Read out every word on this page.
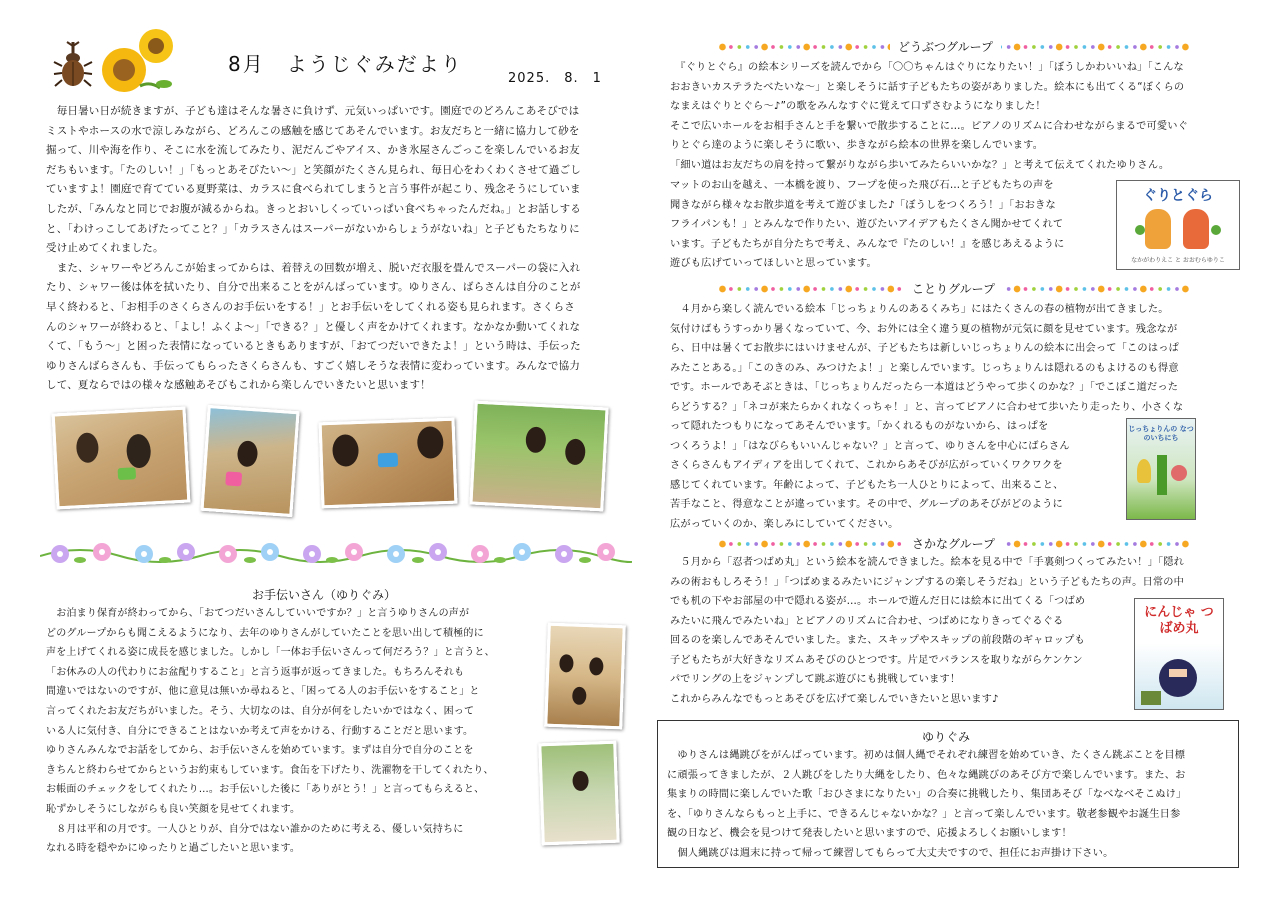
8月　ようじぐみだより
2025.　8.　1

　毎日暑い日が続きますが、子ども達はそんな暑さに負けず、元気いっぱいです。園庭でのどろんこあそびでは

ミストやホースの水で涼しみながら、どろんこの感触を感じてあそんでいます。お友だちと一緒に協力して砂を

掘って、川や海を作り、そこに水を流してみたり、泥だんごやアイス、かき氷屋さんごっこを楽しんでいるお友

だちもいます。「たのしい！」「もっとあそびたい～」と笑顔がたくさん見られ、毎日心をわくわくさせて過ごし

ていますよ！園庭で育てている夏野菜は、カラスに食べられてしまうと言う事件が起こり、残念そうにしていま

したが、「みんなと同じでお腹が減るからね。きっとおいしくっていっぱい食べちゃったんだね。」とお話しする

と、「わけっこしてあげたってこと？」「カラスさんはスーパーがないからしょうがないね」と子どもたちなりに

受け止めてくれました。

　また、シャワーやどろんこが始まってからは、着替えの回数が増え、脱いだ衣服を畳んでスーパーの袋に入れ

たり、シャワー後は体を拭いたり、自分で出来ることをがんばっています。ゆりさん、ばらさんは自分のことが

早く終わると、「お相手のさくらさんのお手伝いをする！」とお手伝いをしてくれる姿も見られます。さくらさ

んのシャワーが終わると、「よし！ふくよ～」「できる？」と優しく声をかけてくれます。なかなか動いてくれな

くて、「もう～」と困った表情になっているときもありますが、「おてつだいできたよ！」という時は、手伝った

ゆりさんばらさんも、手伝ってもらったさくらさんも、すごく嬉しそうな表情に変わっています。みんなで協力

して、夏ならではの様々な感触あそびもこれから楽しんでいきたいと思います！

お手伝いさん（ゆりぐみ）

　お泊まり保育が終わってから、「おてつだいさんしていいですか？」と言うゆりさんの声が

どのグループからも聞こえるようになり、去年のゆりさんがしていたことを思い出して積極的に

声を上げてくれる姿に成長を感じました。しかし「一体お手伝いさんって何だろう？」と言うと、

「お休みの人の代わりにお盆配りすること」と言う返事が返ってきました。もちろんそれも

間違いではないのですが、他に意見は無いか尋ねると、「困ってる人のお手伝いをすること」と

言ってくれたお友だちがいました。そう、大切なのは、自分が何をしたいかではなく、困って

いる人に気付き、自分にできることはないか考えて声をかける、行動することだと思います。

ゆりさんみんなでお話をしてから、お手伝いさんを始めています。まずは自分で自分のことを

きちんと終わらせてからというお約束もしています。食缶を下げたり、洗濯物を干してくれたり、

お帳面のチェックをしてくれたり…。お手伝いした後に「ありがとう！」と言ってもらえると、

恥ずかしそうにしながらも良い笑顔を見せてくれます。

　８月は平和の月です。一人ひとりが、自分ではない誰かのために考える、優しい気持ちに

なれる時を穏やかにゆったりと過ごしたいと思います。

どうぶつグループ

　『ぐりとぐら』の絵本シリーズを読んでから「〇〇ちゃんはぐりになりたい！」「ぼうしかわいいね」「こんな

おおきいカステラたべたいな～」と楽しそうに話す子どもたちの姿がありました。絵本にも出てくる“ぼくらの

なまえはぐりとぐら～♪”の歌をみんなすぐに覚えて口ずさむようになりました！

そこで広いホールをお相手さんと手を繋いで散歩することに…。ピアノのリズムに合わせながらまるで可愛いぐ

りとぐら達のように楽しそうに歌い、歩きながら絵本の世界を楽しんでいます。

「細い道はお友だちの肩を持って繋がりながら歩いてみたらいいかな？」と考えて伝えてくれたゆりさん。

マットのお山を越え、一本橋を渡り、フープを使った飛び石…と子どもたちの声を

聞きながら様々なお散歩道を考えて遊びました♪「ぼうしをつくろう！」「おおきな

フライパンも！」とみんなで作りたい、遊びたいアイデアもたくさん聞かせてくれて

います。子どもたちが自分たちで考え、みんなで『たのしい！』を感じあえるように

遊びも広げていってほしいと思っています。

ぐりとぐら
なかがわりえこ と おおむらゆりこ
ことりグループ

　４月から楽しく読んでいる絵本「じっちょりんのあるくみち」にはたくさんの春の植物が出てきました。

気付けばもうすっかり暑くなっていて、今、お外には全く違う夏の植物が元気に顔を見せています。残念なが

ら、日中は暑くてお散歩にはいけませんが、子どもたちは新しいじっちょりんの絵本に出会って「このはっぱ

みたことある。」「このきのみ、みつけたよ！」と楽しんでいます。じっちょりんは隠れるのもよけるのも得意

です。ホールであそぶときは、「じっちょりんだったら一本道はどうやって歩くのかな？」「でこぼこ道だった

らどうする？」「ネコが来たらかくれなくっちゃ！」と、言ってピアノに合わせて歩いたり走ったり、小さくな

って隠れたつもりになってあそんでいます。「かくれるものがないから、はっぱを

つくろうよ！」「はなびらもいいんじゃない？」と言って、ゆりさんを中心にばらさん

さくらさんもアイディアを出してくれて、これからあそびが広がっていくワクワクを

感じてくれています。年齢によって、子どもたち一人ひとりによって、出来ること、

苦手なこと、得意なことが違っています。その中で、グループのあそびがどのように

広がっていくのか、楽しみにしていてください。

じっちょりんの なつのいちにち
さかなグループ

　５月から「忍者つばめ丸」という絵本を読んできました。絵本を見る中で「手裏剣つくってみたい！」「隠れ

みの術おもしろそう！」「つばめまるみたいにジャンプするの楽しそうだね」という子どもたちの声。日常の中

でも机の下やお部屋の中で隠れる姿が…。ホールで遊んだ日には絵本に出てくる「つばめ

みたいに飛んでみたいね」とピアノのリズムに合わせ、つばめになりきってぐるぐる

回るのを楽しんであそんでいました。また、スキップやスキップの前段階のギャロップも

子どもたちが大好きなリズムあそびのひとつです。片足でバランスを取りながらケンケン

パでリングの上をジャンプして跳ぶ遊びにも挑戦しています！

これからみんなでもっとあそびを広げて楽しんでいきたいと思います♪

にんじゃ つばめ丸
ゆりぐみ

　ゆりさんは縄跳びをがんばっています。初めは個人縄でそれぞれ練習を始めていき、たくさん跳ぶことを目標

に頑張ってきましたが、２人跳びをしたり大縄をしたり、色々な縄跳びのあそび方で楽しんでいます。また、お

集まりの時間に楽しんでいた歌「おひさまになりたい」の合奏に挑戦したり、集団あそび「なべなべそこぬけ」

を、「ゆりさんならもっと上手に、できるんじゃないかな？」と言って楽しんでいます。敬老参観やお誕生日参

観の日など、機会を見つけて発表したいと思いますので、応援よろしくお願いします！

　個人縄跳びは週末に持って帰って練習してもらって大丈夫ですので、担任にお声掛け下さい。
